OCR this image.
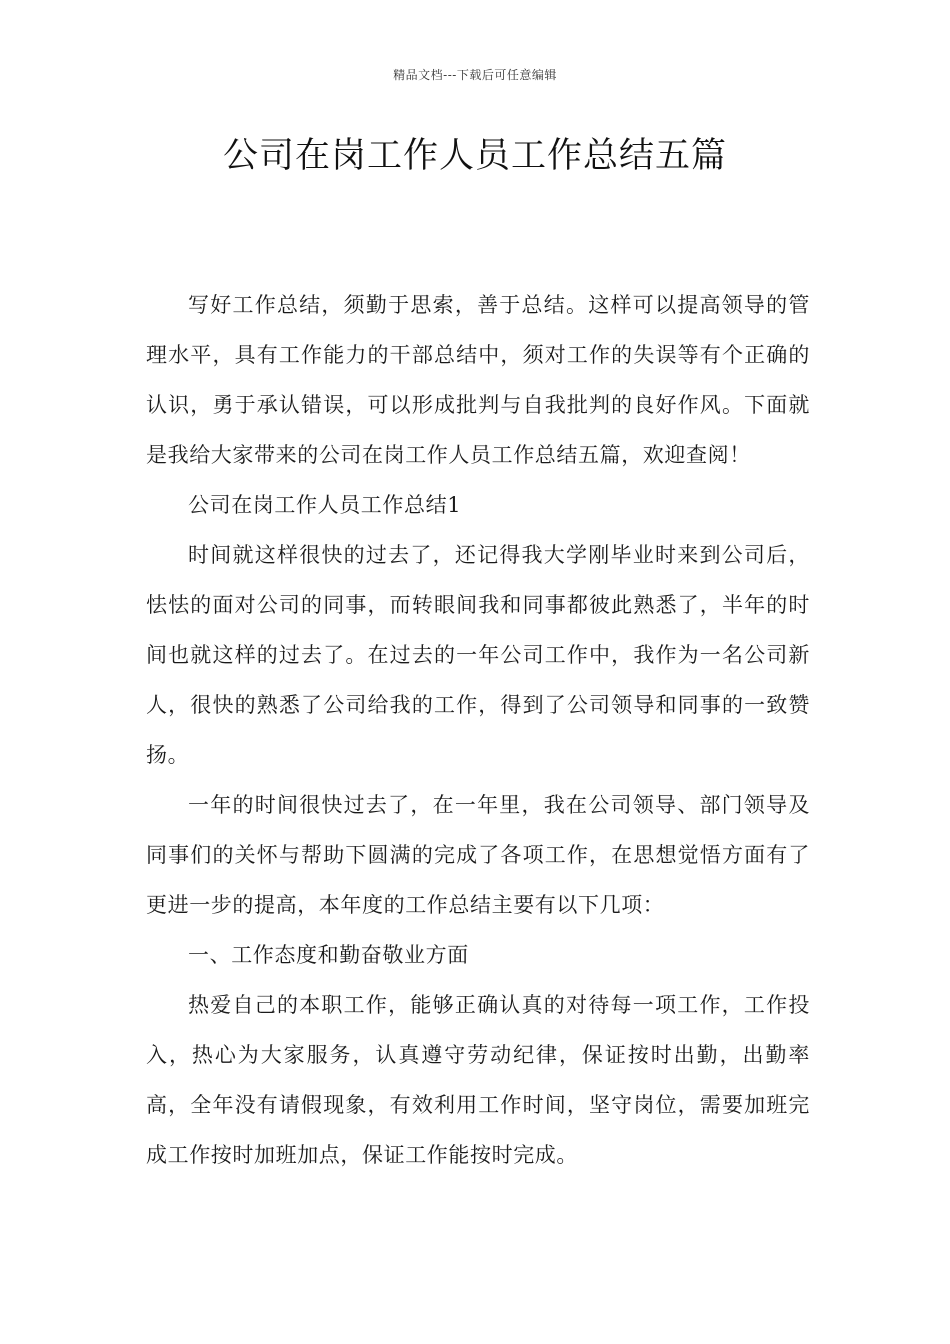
精品文档---下载后可任意编辑
公司在岗工作人员工作总结五篇

写好工作总结，须勤于思索，善于总结。这样可以提高领导的管理水平，具有工作能力的干部总结中，须对工作的失误等有个正确的认识，勇于承认错误，可以形成批判与自我批判的良好作风。下面就是我给大家带来的公司在岗工作人员工作总结五篇，欢迎查阅！

公司在岗工作人员工作总结1

时间就这样很快的过去了，还记得我大学刚毕业时来到公司后，怯怯的面对公司的同事，而转眼间我和同事都彼此熟悉了，半年的时间也就这样的过去了。在过去的一年公司工作中，我作为一名公司新人，很快的熟悉了公司给我的工作，得到了公司领导和同事的一致赞扬。

一年的时间很快过去了，在一年里，我在公司领导、部门领导及同事们的关怀与帮助下圆满的完成了各项工作，在思想觉悟方面有了更进一步的提高，本年度的工作总结主要有以下几项：

一、工作态度和勤奋敬业方面

热爱自己的本职工作，能够正确认真的对待每一项工作，工作投入，热心为大家服务，认真遵守劳动纪律，保证按时出勤，出勤率高，全年没有请假现象，有效利用工作时间，坚守岗位，需要加班完成工作按时加班加点，保证工作能按时完成。
